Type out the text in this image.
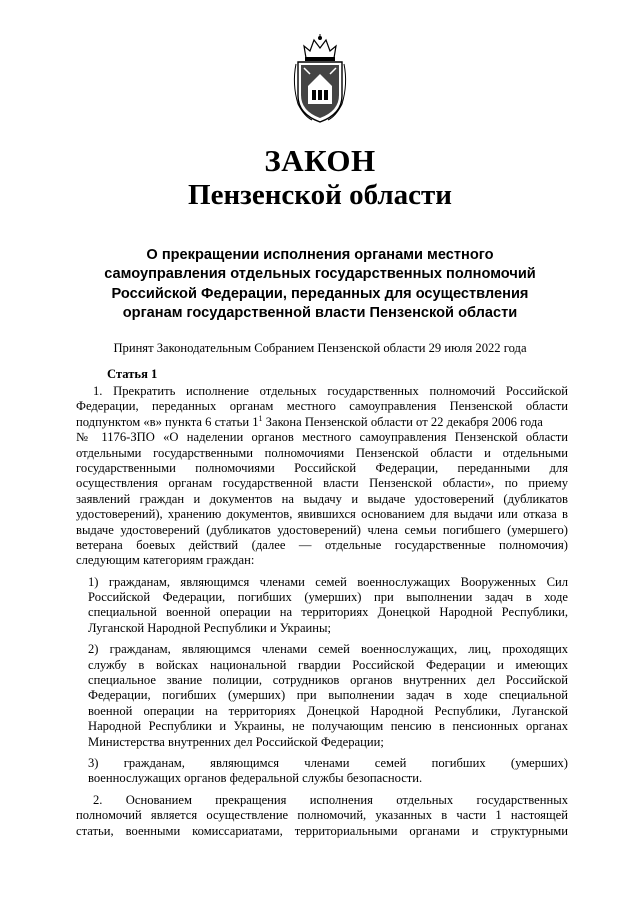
ЗАКОН
Пензенской области
О прекращении исполнения органами местного
самоуправления отдельных государственных полномочий
Российской Федерации, переданных для осуществления
органам государственной власти Пензенской области
Принят Законодательным Собранием Пензенской области 29 июля 2022 года
Статья 1
1. Прекратить исполнение отдельных государственных полномочий Российской
Федерации, переданных органам местного самоуправления Пензенской области
подпунктом «в» пункта 6 статьи $1^1$ Закона Пензенской области от 22 декабря 2006 года
№ 1176-ЗПО «О наделении органов местного самоуправления Пензенской области
отдельными государственными полномочиями Пензенской области и отдельными
государственными полномочиями Российской Федерации, переданными для
осуществления органам государственной власти Пензенской области», по приему
заявлений граждан и документов на выдачу и выдаче удостоверений (дубликатов
удостоверений), хранению документов, явившихся основанием для выдачи или отказа в
выдаче удостоверений (дубликатов удостоверений) члена семьи погибшего (умершего)
ветерана боевых действий (далее — отдельные государственные полномочия)
следующим категориям граждан:
1) гражданам, являющимся членами семей военнослужащих Вооруженных Сил
Российской Федерации, погибших (умерших) при выполнении задач в ходе
специальной военной операции на территориях Донецкой Народной Республики,
Луганской Народной Республики и Украины;
2) гражданам, являющимся членами семей военнослужащих, лиц, проходящих
службу в войсках национальной гвардии Российской Федерации и имеющих
специальное звание полиции, сотрудников органов внутренних дел Российской
Федерации, погибших (умерших) при выполнении задач в ходе специальной
военной операции на территориях Донецкой Народной Республики, Луганской
Народной Республики и Украины, не получающим пенсию в пенсионных органах
Министерства внутренних дел Российской Федерации;
3) гражданам, являющимся членами семей погибших (умерших)
военнослужащих органов федеральной службы безопасности.
2. Основанием прекращения исполнения отдельных государственных
полномочий является осуществление полномочий, указанных в части 1 настоящей
статьи, военными комиссариатами, территориальными органами и структурными
